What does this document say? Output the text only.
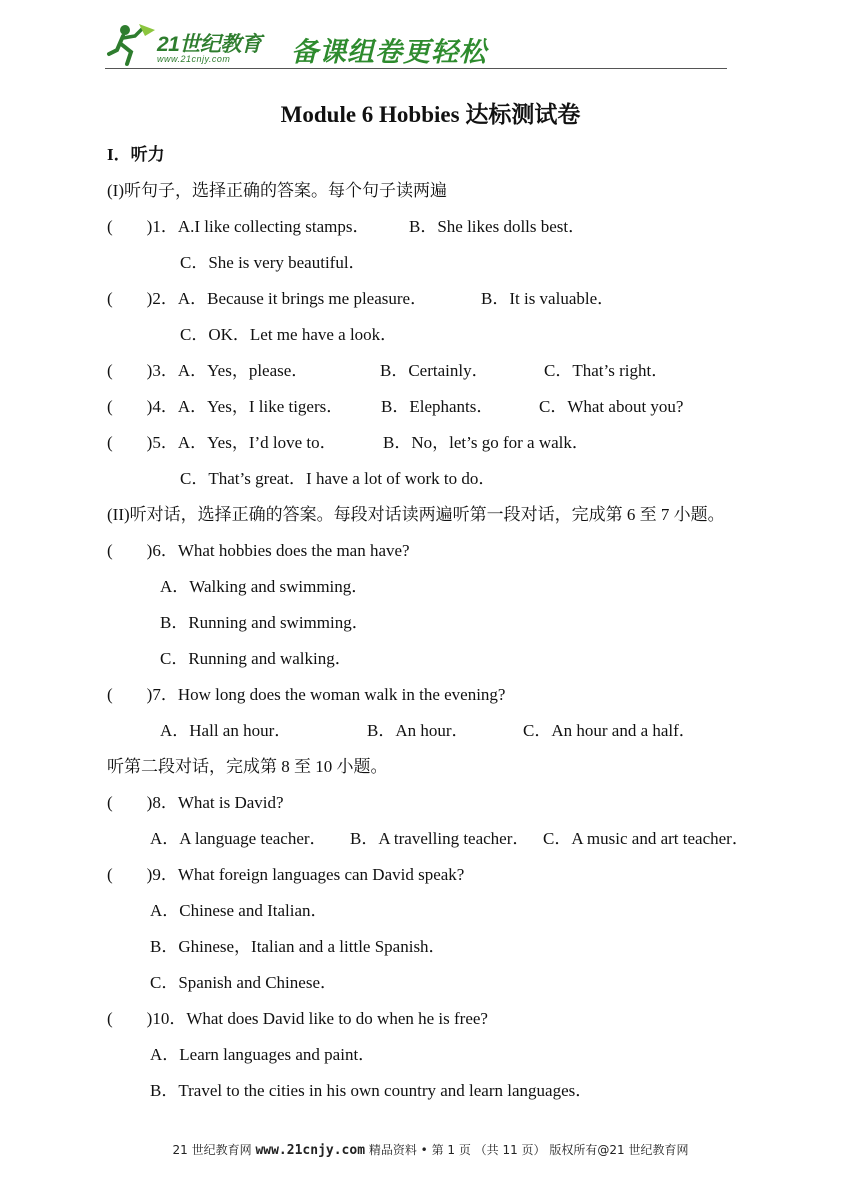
21世纪教育
www.21cnjy.com 备课组卷更轻松
Module 6 Hobbies 达标测试卷
I．听力
(I)听句子，选择正确的答案。每个句子读两遍
(　　)1．A.I like collecting stamps． B．She likes dolls best．
C．She is very beautiful．
(　　)2．A．Because it brings me pleasure．	B．It is valuable．
C．OK．Let me have a look．
(　　)3．A．Yes，please．	B．Certainly．	C．That’s right．
(　　)4．A．Yes，I like tigers． B．Elephants．	C．What about you?
(　　)5．A．Yes，I’d love to．	B．No，let’s go for a walk．
C．That’s great．I have a lot of work to do．
(II)听对话，选择正确的答案。每段对话读两遍听第一段对话，完成第 6 至 7 小题。
(　　)6．What hobbies does the man have?
A．Walking and swimming．
B．Running and swimming．
C．Running and walking．
(　　)7．How long does the woman walk in the evening?
A．Hall an hour．	B．An hour．	C．An hour and a half．
听第二段对话，完成第 8 至 10 小题。
(　　)8．What is David?
A．A language teacher． B．A travelling teacher． C．A music and art teacher．
(　　)9．What foreign languages can David speak?
A．Chinese and Italian．
B．Ghinese，Italian and a little Spanish．
C．Spanish and Chinese．
(　　)10．What does David like to do when he is free?
A．Learn languages and paint．
B．Travel to the cities in his own country and learn languages．
21 世纪教育网 www.21cnjy.com 精品资料 • 第 1 页 （共 11 页） 版权所有@21 世纪教育网
